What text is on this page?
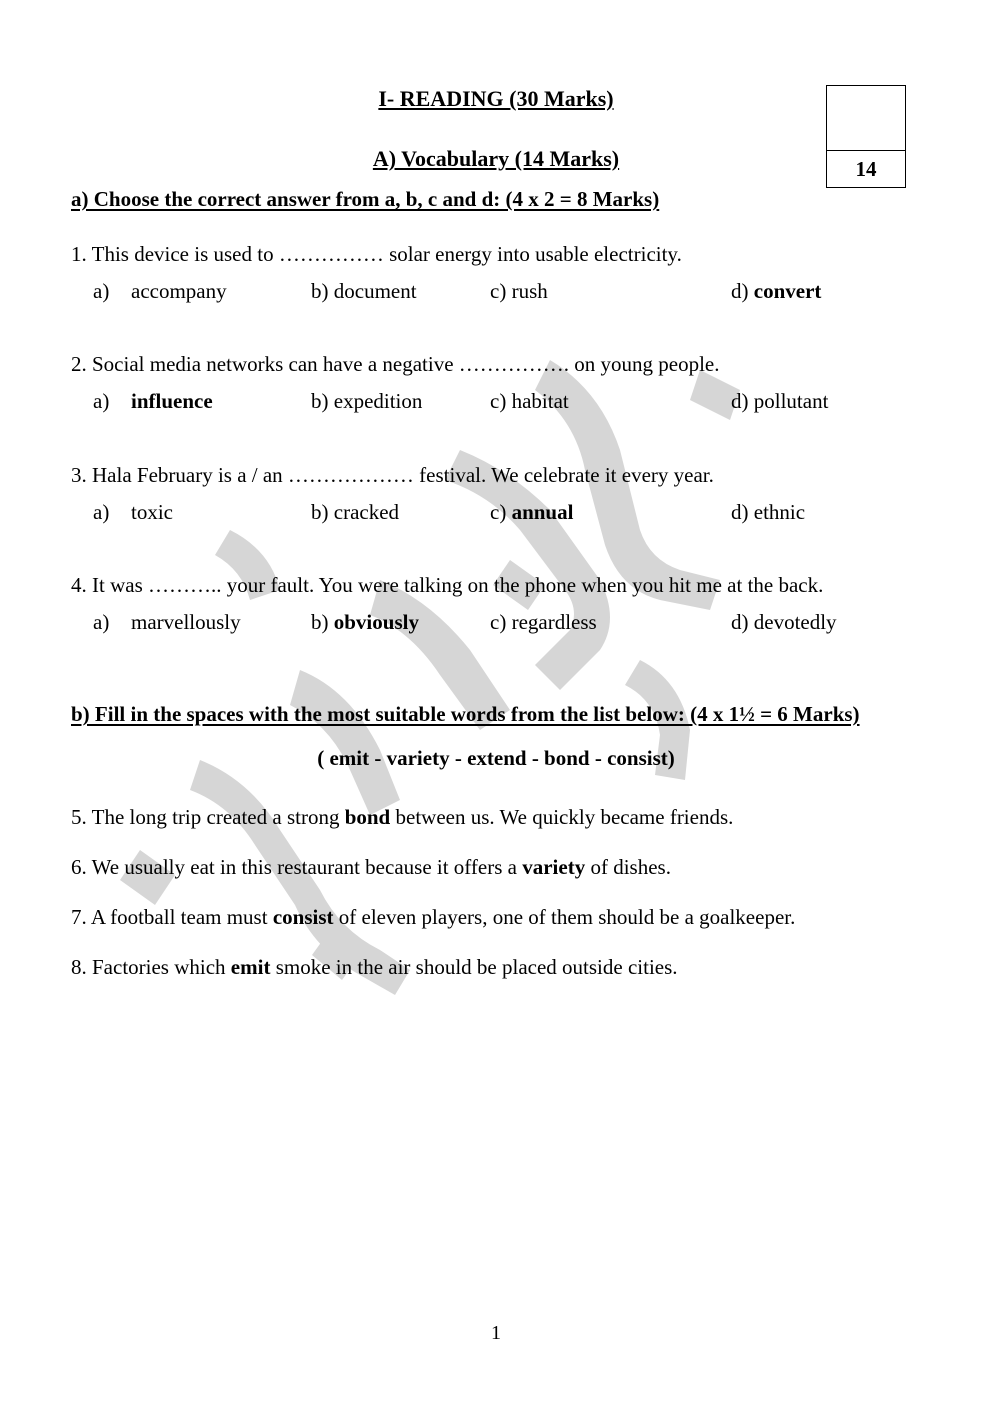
I- READING (30 Marks)
A) Vocabulary (14 Marks)	14
a) Choose the correct answer from a, b, c and d: (4 x 2 = 8 Marks)
1. This device is used to …………… solar energy into usable electricity.
a) accompany	b) document	c) rush	d) convert
2. Social media networks can have a negative ……………. on young people.
a) influence	b) expedition	c) habitat	d) pollutant
3. Hala February is a / an ……………… festival. We celebrate it every year.
a) toxic	b) cracked	c) annual	d) ethnic
4. It was ……….. your fault. You were talking on the phone when you hit me at the back.
a) marvellously	b) obviously	c) regardless	d) devotedly
b) Fill in the spaces with the most suitable words from the list below: (4 x 1½ = 6 Marks)
( emit - variety - extend - bond - consist)
5. The long trip created a strong bond between us. We quickly became friends.
6. We usually eat in this restaurant because it offers a variety of dishes.
7. A football team must consist of eleven players, one of them should be a goalkeeper.
8. Factories which emit smoke in the air should be placed outside cities.
1
